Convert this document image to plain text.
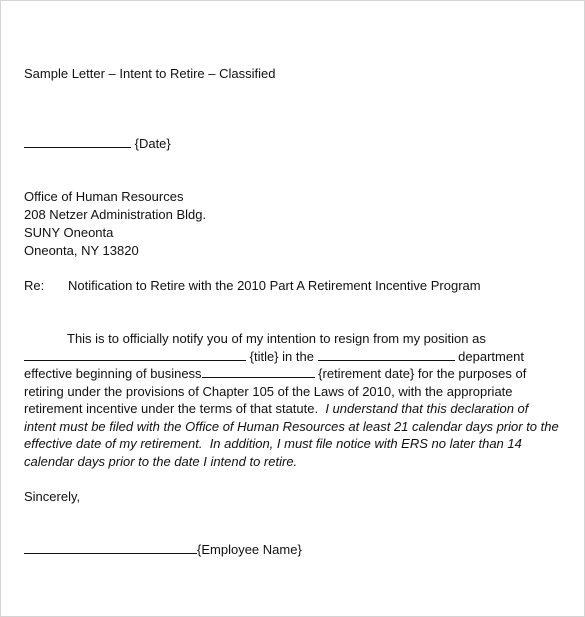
Sample Letter – Intent to Retire – Classified
{Date}
Office of Human Resources
208 Netzer Administration Bldg.
SUNY Oneonta
Oneonta, NY 13820
Re: Notification to Retire with the 2010 Part A Retirement Incentive Program
This is to officially notify you of my intention to resign from my position as
{title} in the	department
effective beginning of business	{retirement date} for the purposes of
retiring under the provisions of Chapter 105 of the Laws of 2010, with the appropriate
retirement incentive under the terms of that statute.  I understand that this declaration of
intent must be filed with the Office of Human Resources at least 21 calendar days prior to the
effective date of my retirement.  In addition, I must file notice with ERS no later than 14
calendar days prior to the date I intend to retire.
Sincerely,
{Employee Name}
